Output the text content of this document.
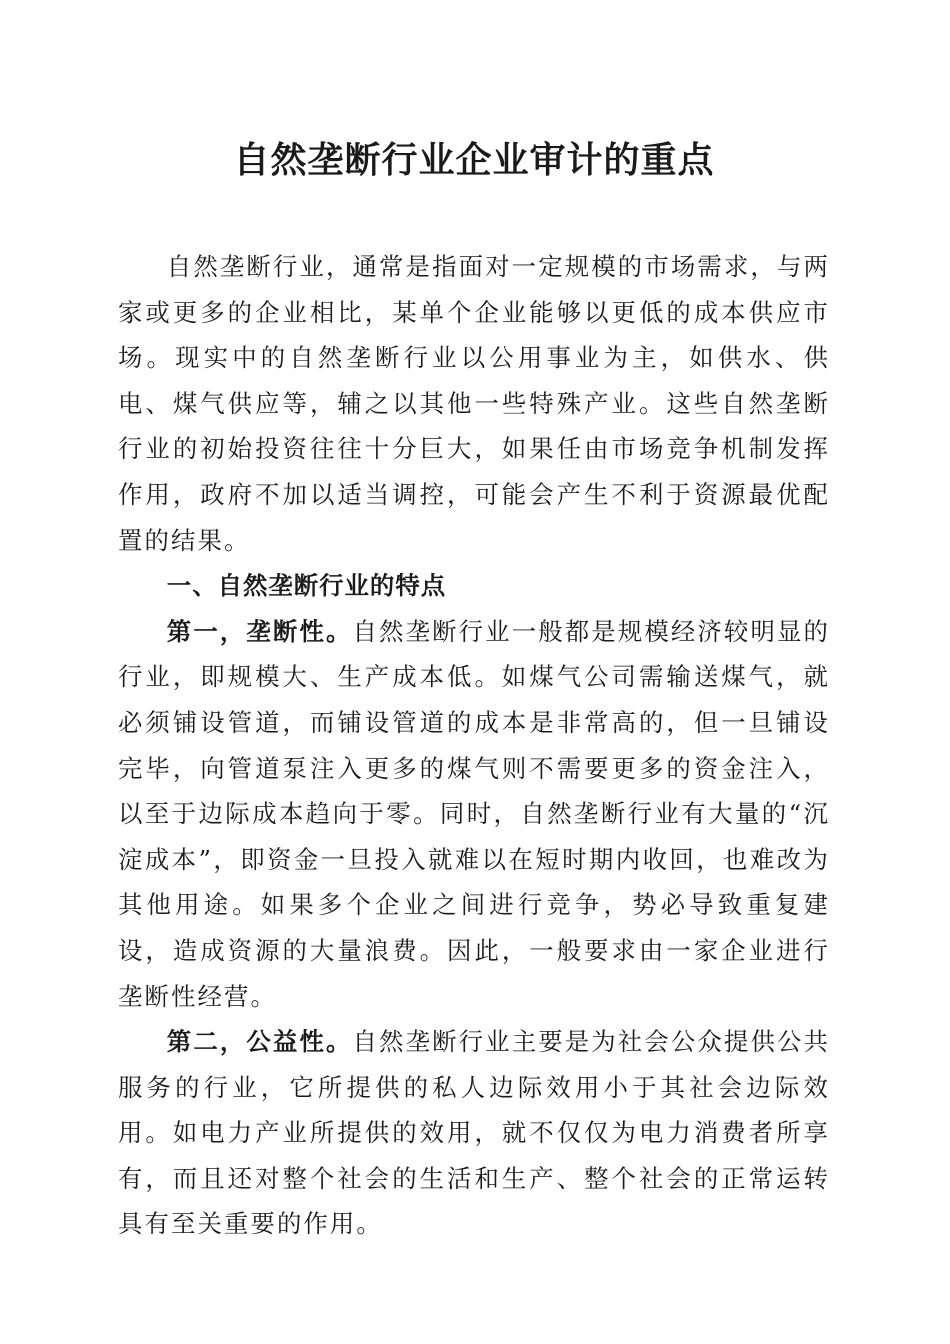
自然垄断行业企业审计的重点

自然垄断行业，通常是指面对一定规模的市场需求，与两家或更多的企业相比，某单个企业能够以更低的成本供应市场。现实中的自然垄断行业以公用事业为主，如供水、供电、煤气供应等，辅之以其他一些特殊产业。这些自然垄断行业的初始投资往往十分巨大，如果任由市场竞争机制发挥作用，政府不加以适当调控，可能会产生不利于资源最优配置的结果。

一、自然垄断行业的特点

第一，垄断性。自然垄断行业一般都是规模经济较明显的行业，即规模大、生产成本低。如煤气公司需输送煤气，就必须铺设管道，而铺设管道的成本是非常高的，但一旦铺设完毕，向管道泵注入更多的煤气则不需要更多的资金注入，以至于边际成本趋向于零。同时，自然垄断行业有大量的“沉淀成本”，即资金一旦投入就难以在短时期内收回，也难改为其他用途。如果多个企业之间进行竞争，势必导致重复建设，造成资源的大量浪费。因此，一般要求由一家企业进行垄断性经营。

第二，公益性。自然垄断行业主要是为社会公众提供公共服务的行业，它所提供的私人边际效用小于其社会边际效用。如电力产业所提供的效用，就不仅仅为电力消费者所享有，而且还对整个社会的生活和生产、整个社会的正常运转具有至关重要的作用。
